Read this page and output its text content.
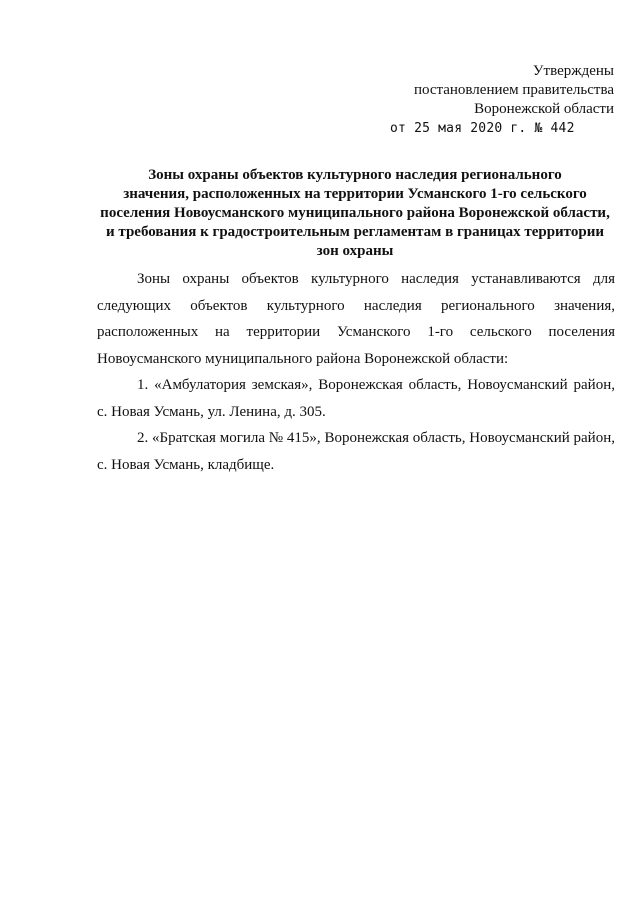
Утверждены
постановлением правительства
Воронежской области
от 25 мая 2020 г. № 442
Зоны охраны объектов культурного наследия регионального
значения, расположенных на территории Усманского 1-го сельского
поселения Новоусманского муниципального района Воронежской области,
и требования к градостроительным регламентам в границах территории
зон охраны

Зоны охраны объектов культурного наследия устанавливаются для следующих объектов культурного наследия регионального значения, расположенных на территории Усманского 1-го сельского поселения Новоусманского муниципального района Воронежской области:

1. «Амбулатория земская», Воронежская область, Новоусманский район, с. Новая Усмань, ул. Ленина, д. 305.

2. «Братская могила № 415», Воронежская область, Новоусманский район, с. Новая Усмань, кладбище.
